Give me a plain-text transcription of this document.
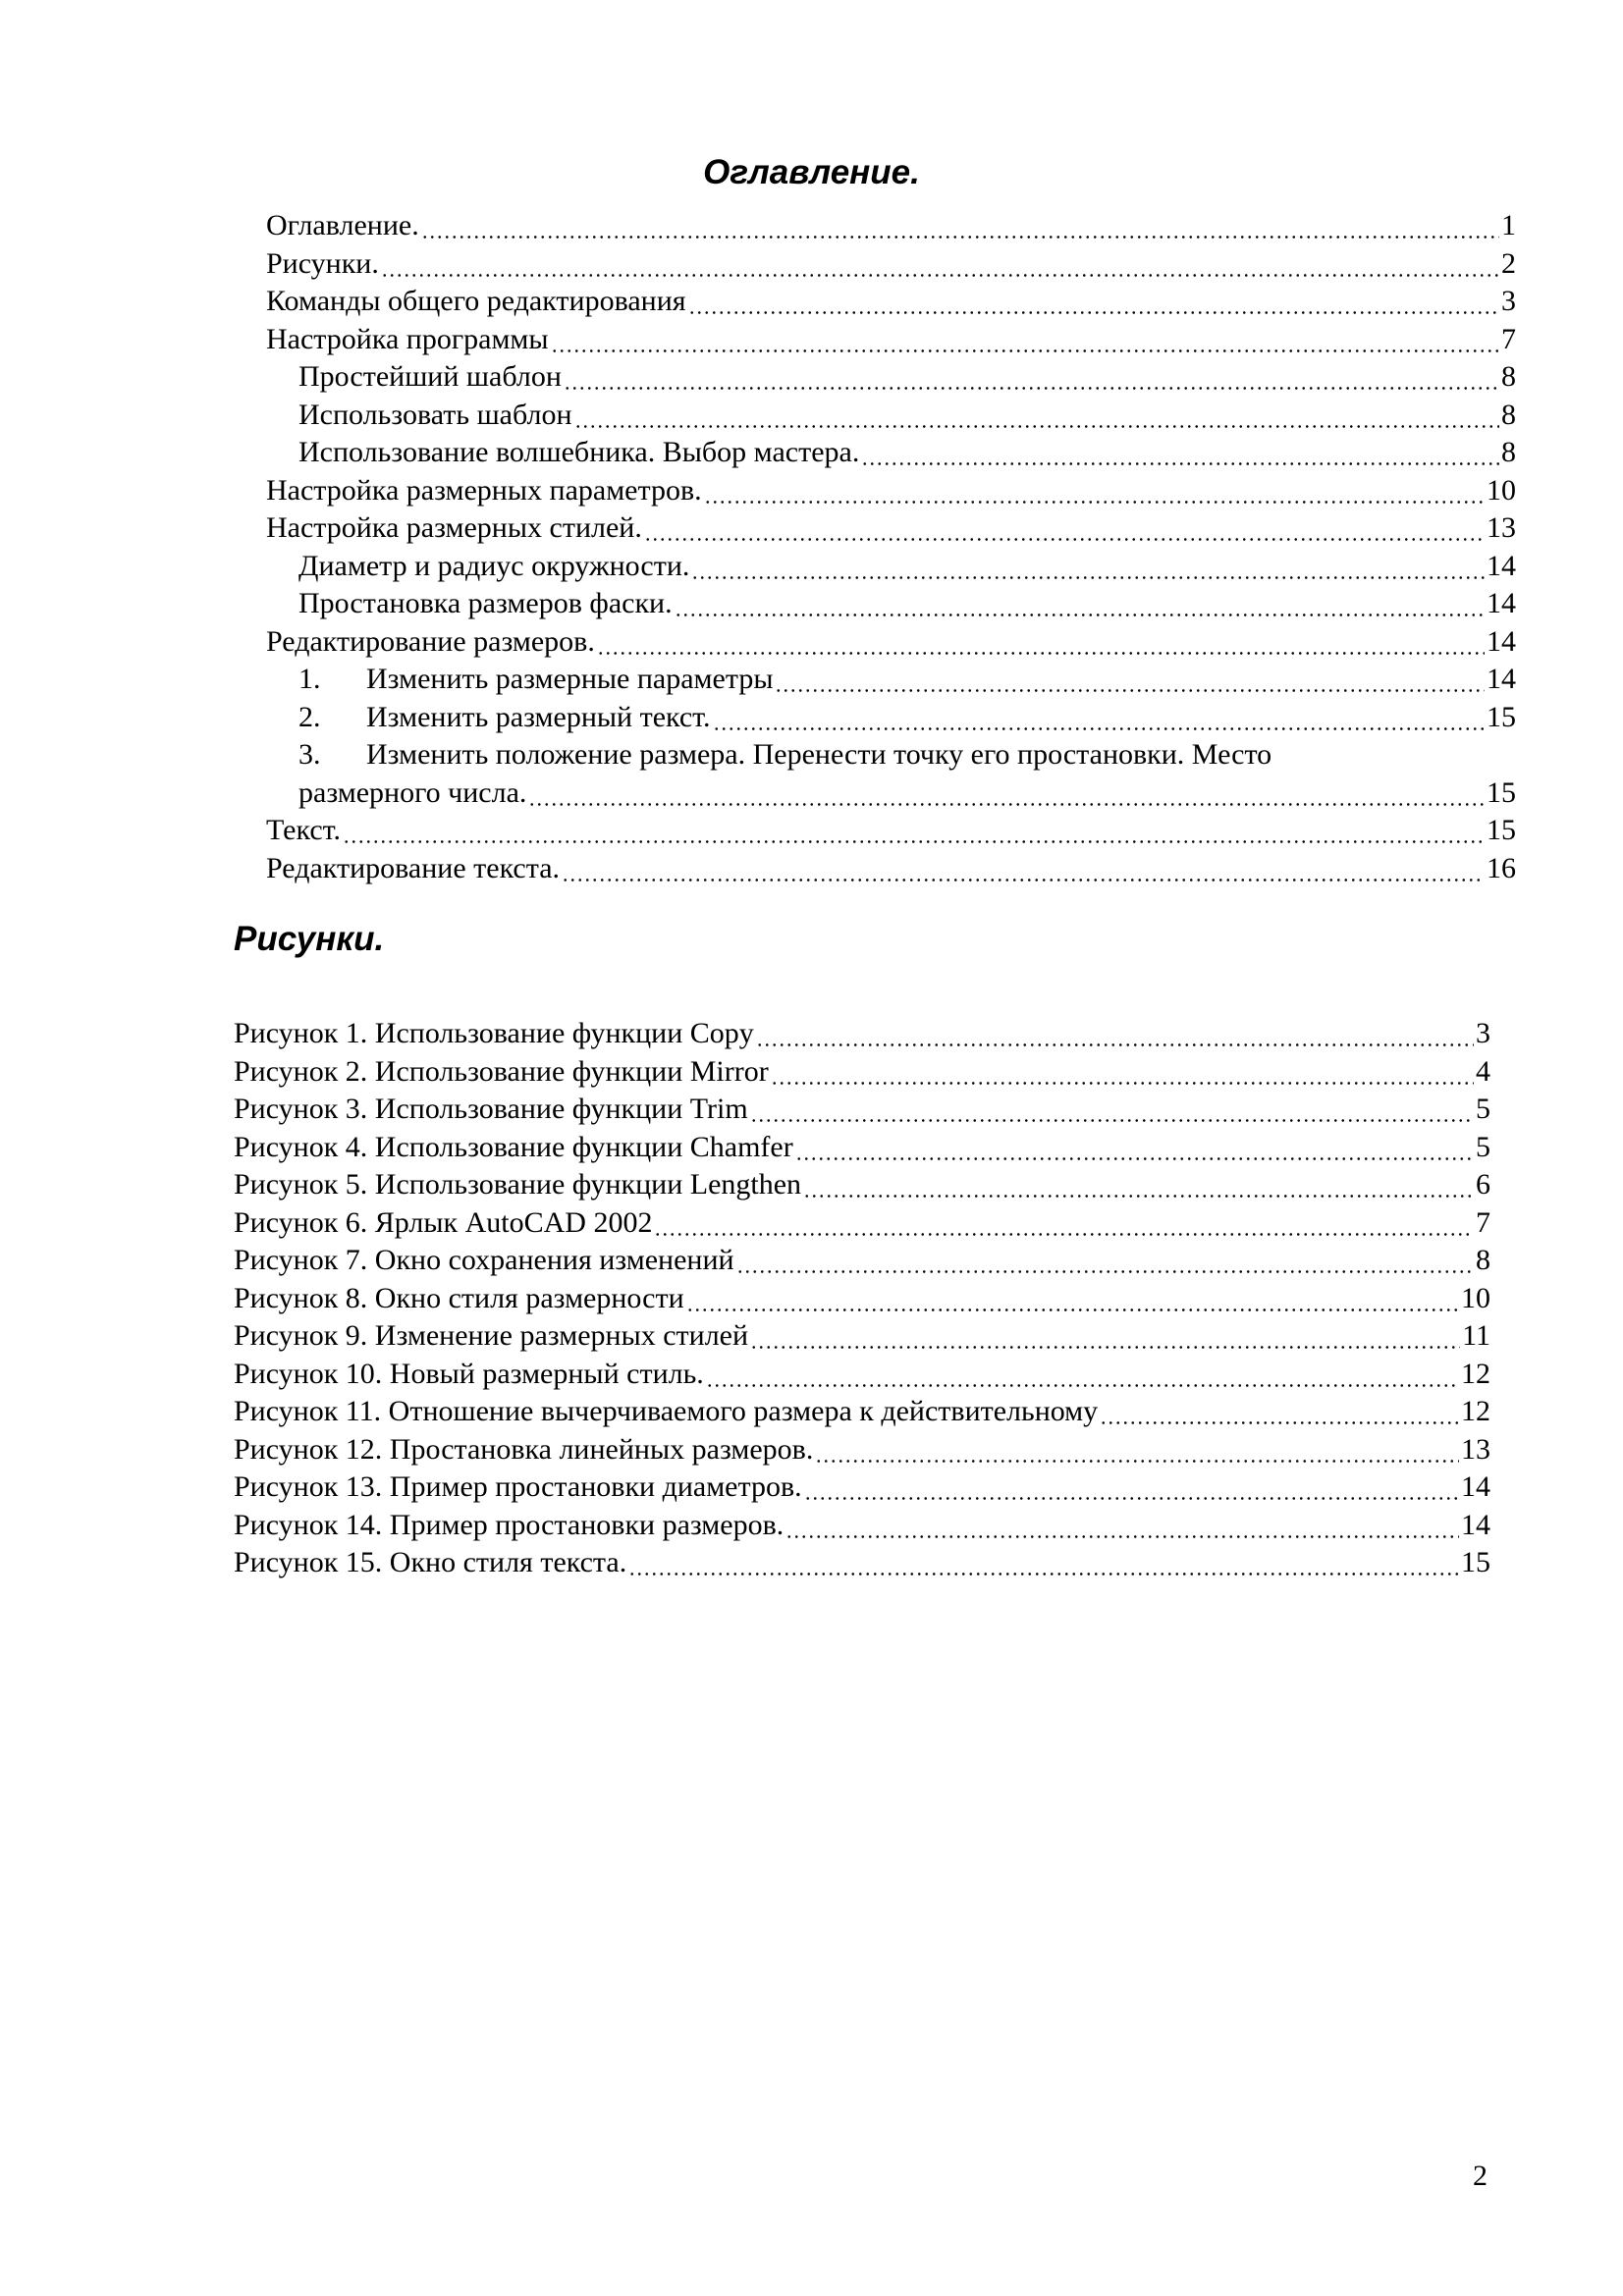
Оглавление.
Оглавление.	1
Рисунки.	2
Команды общего редактирования	3
Настройка программы	7
Простейший шаблон	8
Использовать шаблон	8
Использование волшебника. Выбор мастера.	8
Настройка размерных параметров.	10
Настройка размерных стилей.	13
Диаметр и радиус окружности.	14
Простановка размеров фаски.	14
Редактирование размеров.	14
1.	Изменить размерные параметры	14
2.	Изменить размерный текст.	15
3. Изменить положение размера. Перенести точку его простановки. Место
размерного числа.	15
Текст.	15
Редактирование текста.	16
Рисунки.
Рисунок 1. Использование функции Copy	3
Рисунок 2. Использование функции Mirror	4
Рисунок 3. Использование функции Trim	5
Рисунок 4. Использование функции Chamfer	5
Рисунок 5. Использование функции Lengthen	6
Рисунок 6. Ярлык AutoCAD 2002	7
Рисунок 7. Окно сохранения изменений	8
Рисунок 8. Окно стиля размерности	10
Рисунок 9. Изменение размерных стилей	11
Рисунок 10. Новый размерный стиль.	12
Рисунок 11. Отношение вычерчиваемого размера к действительному	12
Рисунок 12. Простановка линейных размеров.	13
Рисунок 13. Пример простановки диаметров.	14
Рисунок 14. Пример простановки размеров.	14
Рисунок 15. Окно стиля текста.	15
2
